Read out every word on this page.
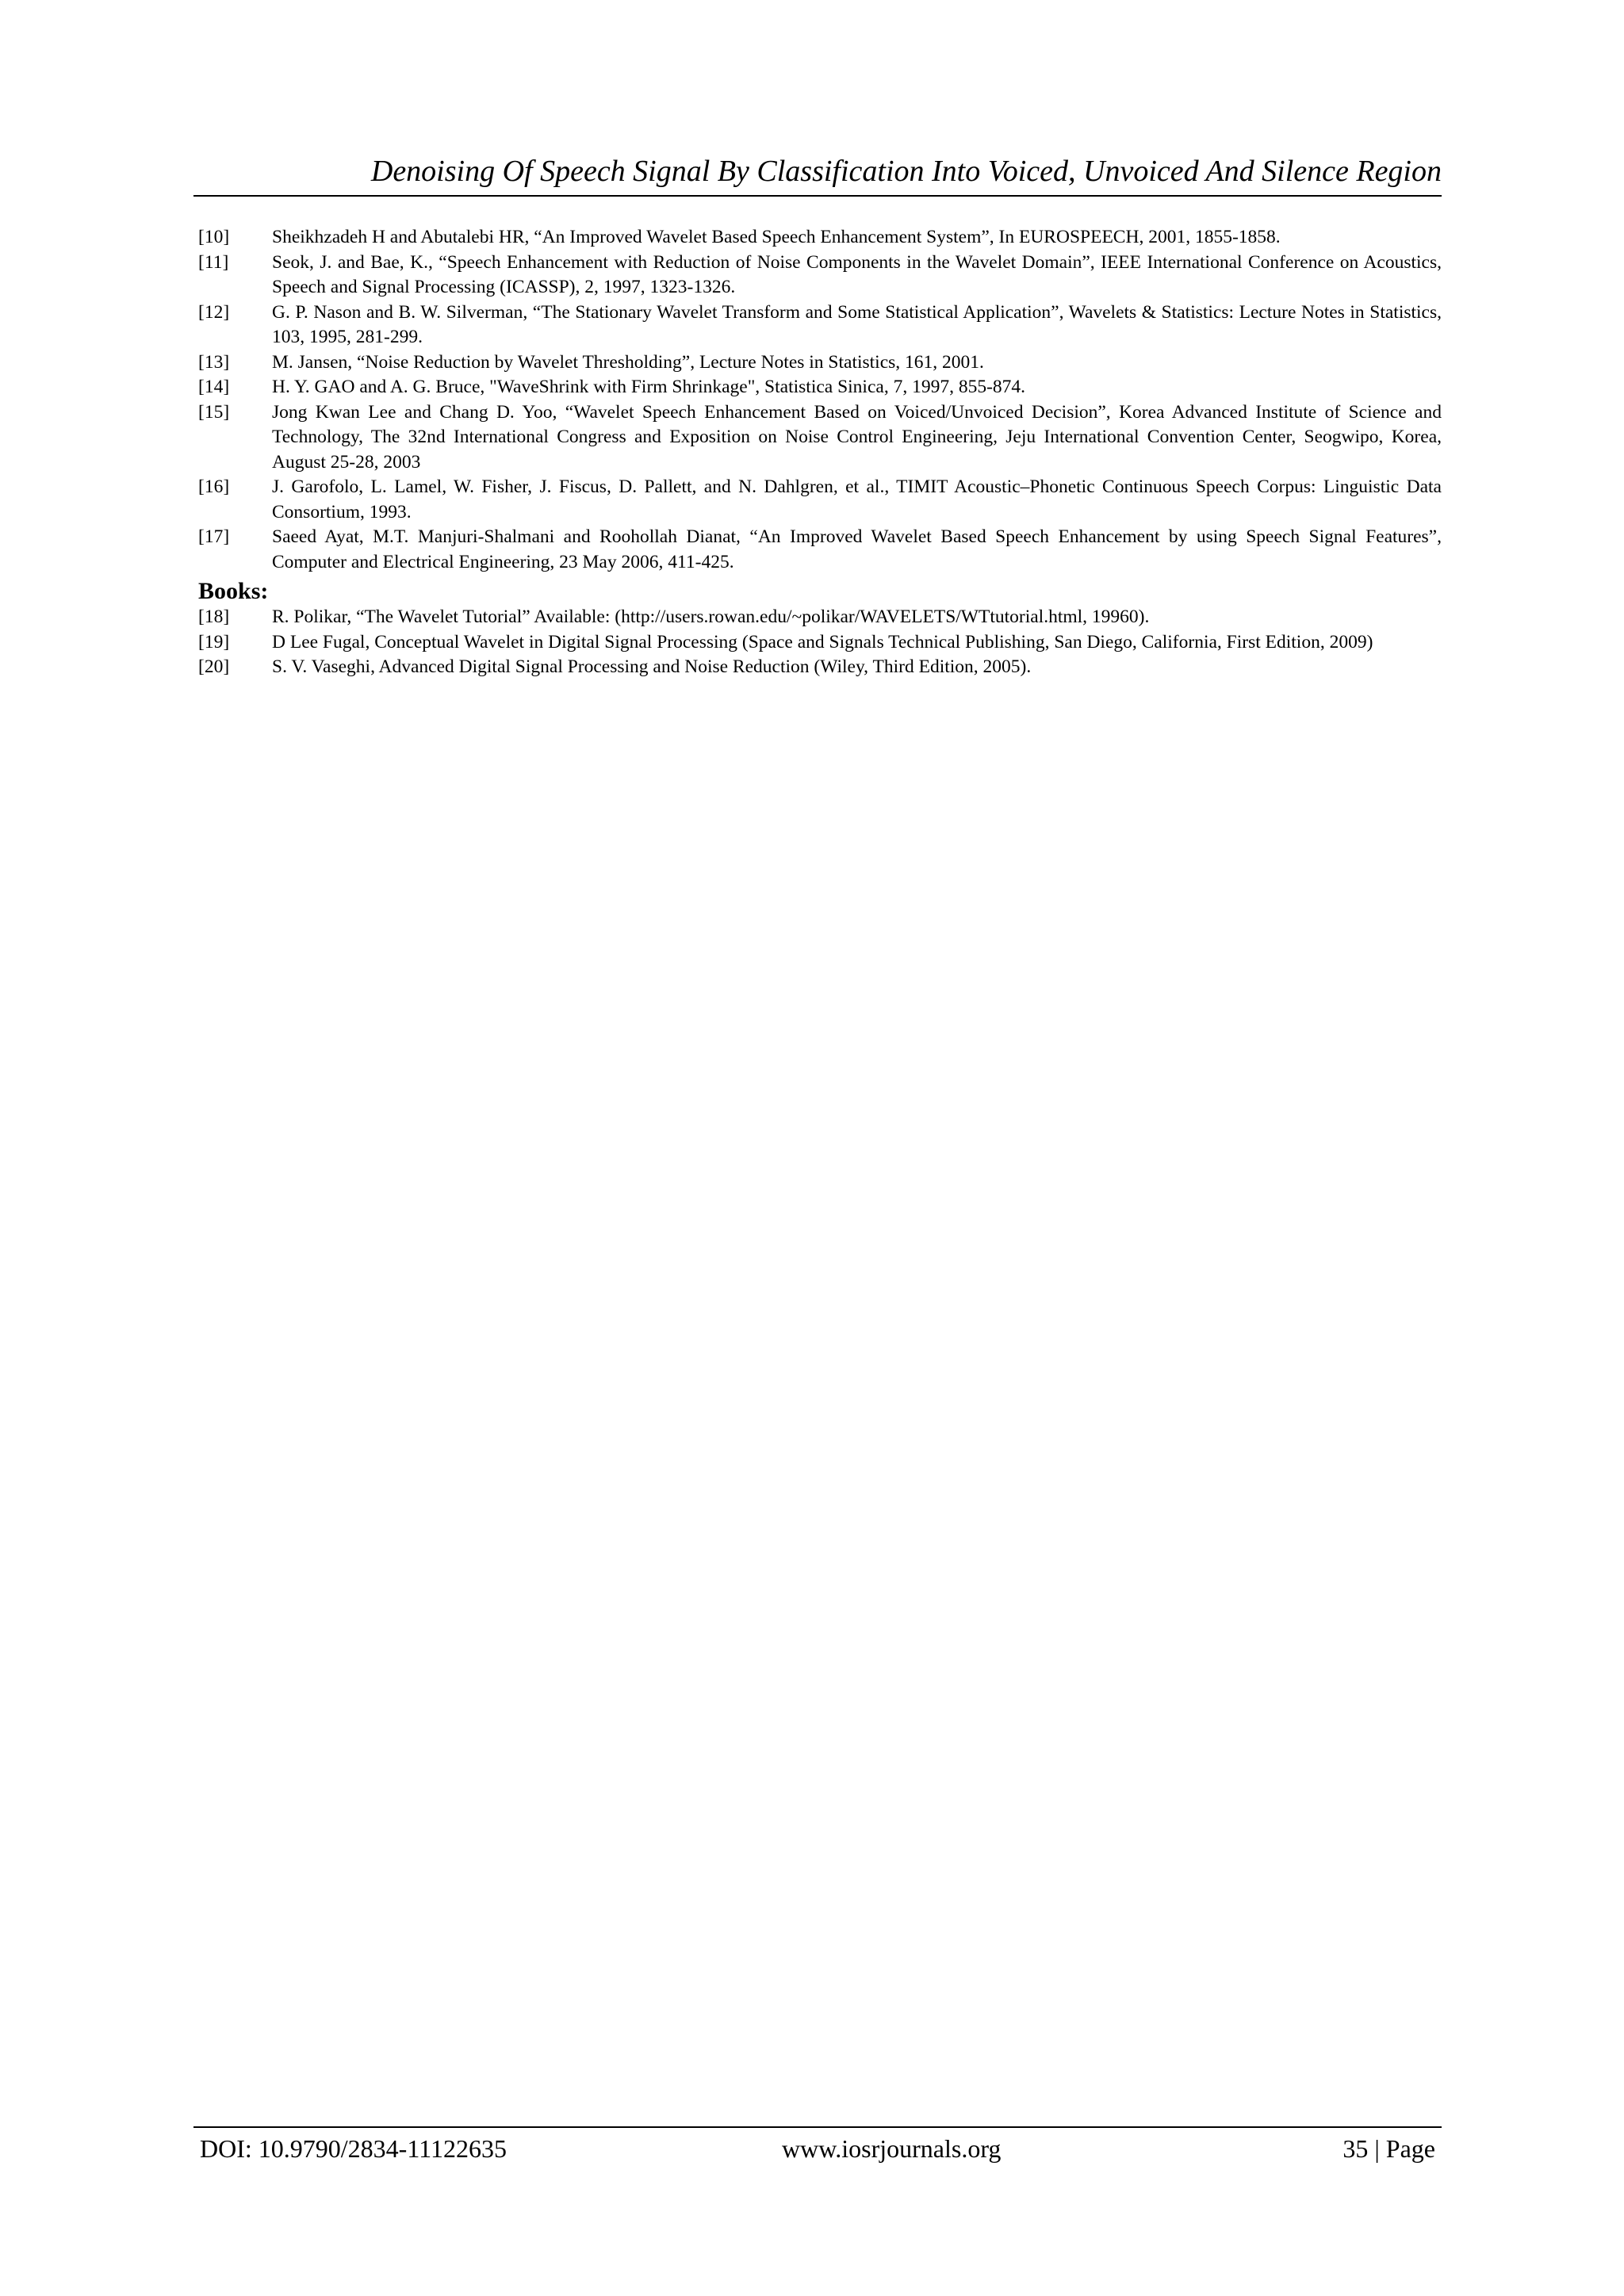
Denoising Of Speech Signal By Classification Into Voiced, Unvoiced And Silence Region
[10]	Sheikhzadeh H and Abutalebi HR, “An Improved Wavelet Based Speech Enhancement System”, In EUROSPEECH, 2001, 1855-1858.
[11]	Seok, J. and Bae, K., “Speech Enhancement with Reduction of Noise Components in the Wavelet Domain”, IEEE International Conference on Acoustics, Speech and Signal Processing (ICASSP), 2, 1997, 1323-1326.
[12]	G. P. Nason and B. W. Silverman, “The Stationary Wavelet Transform and Some Statistical Application”, Wavelets & Statistics: Lecture Notes in Statistics, 103, 1995, 281-299.
[13]	M. Jansen, “Noise Reduction by Wavelet Thresholding”, Lecture Notes in Statistics, 161, 2001.
[14]	H. Y. GAO and A. G. Bruce, "WaveShrink with Firm Shrinkage", Statistica Sinica, 7, 1997, 855-874.
[15]	Jong Kwan Lee and Chang D. Yoo, “Wavelet Speech Enhancement Based on Voiced/Unvoiced Decision”, Korea Advanced Institute of Science and Technology, The 32nd International Congress and Exposition on Noise Control Engineering, Jeju International Convention Center, Seogwipo, Korea, August 25-28, 2003
[16]	J. Garofolo, L. Lamel, W. Fisher, J. Fiscus, D. Pallett, and N. Dahlgren, et al., TIMIT Acoustic–Phonetic Continuous Speech Corpus: Linguistic Data Consortium, 1993.
[17]	Saeed Ayat, M.T. Manjuri-Shalmani and Roohollah Dianat, “An Improved Wavelet Based Speech Enhancement by using Speech Signal Features”, Computer and Electrical Engineering, 23 May 2006, 411-425.
Books:
[18]	R. Polikar, “The Wavelet Tutorial” Available: (http://users.rowan.edu/~polikar/WAVELETS/WTtutorial.html, 19960).
[19]	D Lee Fugal, Conceptual Wavelet in Digital Signal Processing (Space and Signals Technical Publishing, San Diego, California, First Edition, 2009)
[20]	S. V. Vaseghi, Advanced Digital Signal Processing and Noise Reduction (Wiley, Third Edition, 2005).
DOI: 10.9790/2834-11122635	www.iosrjournals.org	35 | Page
